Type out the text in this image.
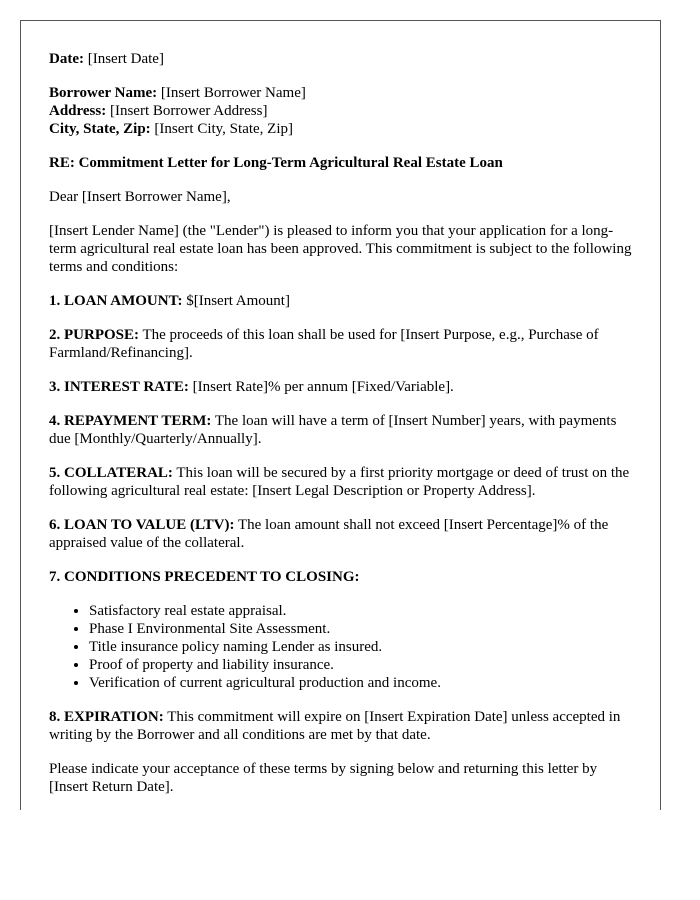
Date: [Insert Date]

Borrower Name: [Insert Borrower Name]
Address: [Insert Borrower Address]
City, State, Zip: [Insert City, State, Zip]

RE: Commitment Letter for Long-Term Agricultural Real Estate Loan

Dear [Insert Borrower Name],

[Insert Lender Name] (the "Lender") is pleased to inform you that your application for a long-term agricultural real estate loan has been approved. This commitment is subject to the following terms and conditions:

1. LOAN AMOUNT: $[Insert Amount]

2. PURPOSE: The proceeds of this loan shall be used for [Insert Purpose, e.g., Purchase of Farmland/Refinancing].

3. INTEREST RATE: [Insert Rate]% per annum [Fixed/Variable].

4. REPAYMENT TERM: The loan will have a term of [Insert Number] years, with payments due [Monthly/Quarterly/Annually].

5. COLLATERAL: This loan will be secured by a first priority mortgage or deed of trust on the following agricultural real estate: [Insert Legal Description or Property Address].

6. LOAN TO VALUE (LTV): The loan amount shall not exceed [Insert Percentage]% of the appraised value of the collateral.

7. CONDITIONS PRECEDENT TO CLOSING:

• Satisfactory real estate appraisal.
• Phase I Environmental Site Assessment.
• Title insurance policy naming Lender as insured.
• Proof of property and liability insurance.
• Verification of current agricultural production and income.

8. EXPIRATION: This commitment will expire on [Insert Expiration Date] unless accepted in writing by the Borrower and all conditions are met by that date.

Please indicate your acceptance of these terms by signing below and returning this letter by [Insert Return Date].
